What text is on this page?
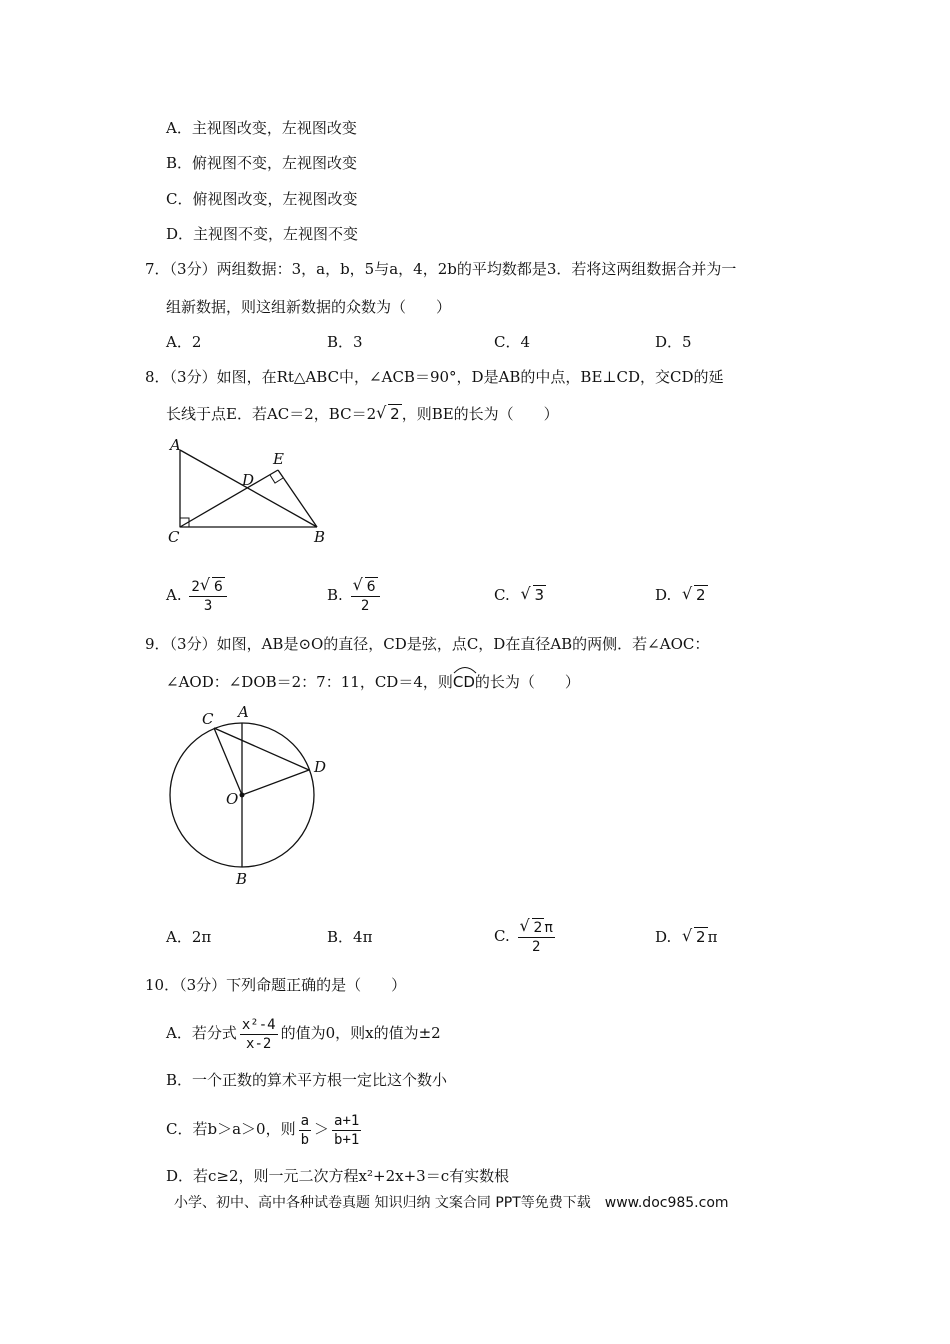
A．主视图改变，左视图改变
B．俯视图不变，左视图改变
C．俯视图改变，左视图改变
D．主视图不变，左视图不变
7．（3分）两组数据：3，a，b，5与a，4，2b的平均数都是3．若将这两组数据合并为一
组新数据，则这组新数据的众数为（　　）
A．2	B．3	C．4	D．5
8．（3分）如图，在Rt△ABC中，∠ACB＝90°，D是AB的中点，BE⊥CD，交CD的延
长线于点E．若AC＝2，BC＝2 √ 2 ，则BE的长为（　　）
A
E
D
C	B
A. $\frac{2 √ 6}{3}$	B. √ $\frac{6}{2}$	C. √ 3	D. √ 2
9．（3分）如图，AB是⊙O的直径，CD是弦，点C，D在直径AB的两侧．若∠AOC：
∠AOD：∠DOB＝2：7：11，CD＝4，则
CD的长为（　　）
C A
D
O
B
A．2π	B．4π	C. √ $\frac{2 \pi}{2}$	D. √ 2 π
10．（3分）下列命题正确的是（　　）
A．若分式 $\frac{\text{x²-4}}{x-2}$ 的值为0，则x的值为±2
B．一个正数的算术平方根一定比这个数小
C．若b＞a＞0，则 $\frac{a}{b} > \frac{a+1}{b+1}$
D．若c≥2，则一元二次方程x²+2x+3＝c有实数根
小学、初中、高中各种试卷真题 知识归纳 文案合同 PPT等免费下载　www.doc985.com
